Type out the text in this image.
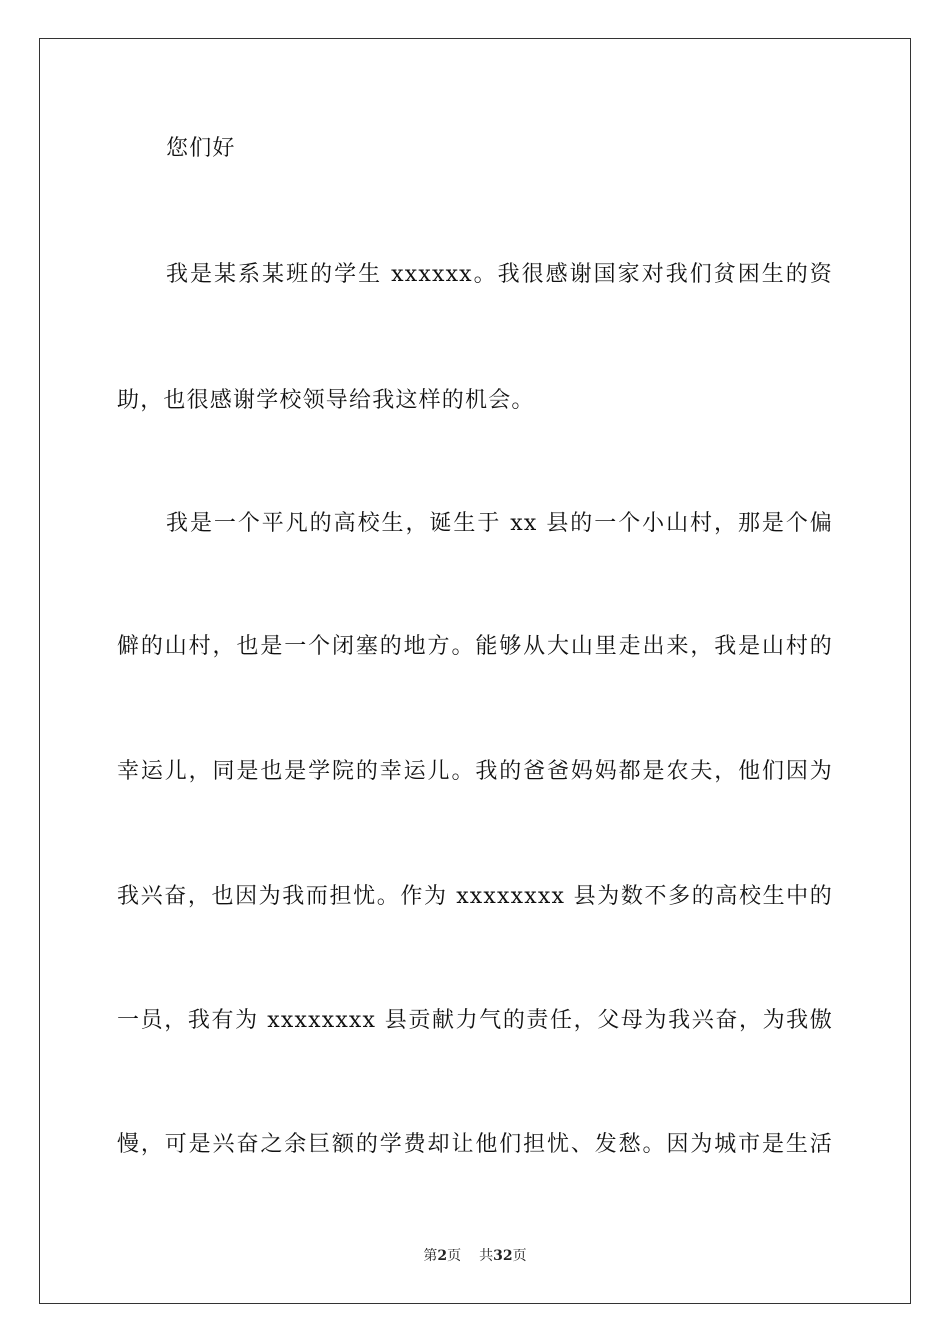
您们好
我是某系某班的学生 xxxxxx。我很感谢国家对我们贫困生的资
助，也很感谢学校领导给我这样的机会。
我是一个平凡的高校生，诞生于 xx 县的一个小山村，那是个偏
僻的山村，也是一个闭塞的地方。能够从大山里走出来，我是山村的
幸运儿，同是也是学院的幸运儿。我的爸爸妈妈都是农夫，他们因为
我兴奋，也因为我而担忧。作为 xxxxxxxx 县为数不多的高校生中的
一员，我有为 xxxxxxxx 县贡献力气的责任，父母为我兴奋，为我傲
慢，可是兴奋之余巨额的学费却让他们担忧、发愁。因为城市是生活
第2页 共32页
